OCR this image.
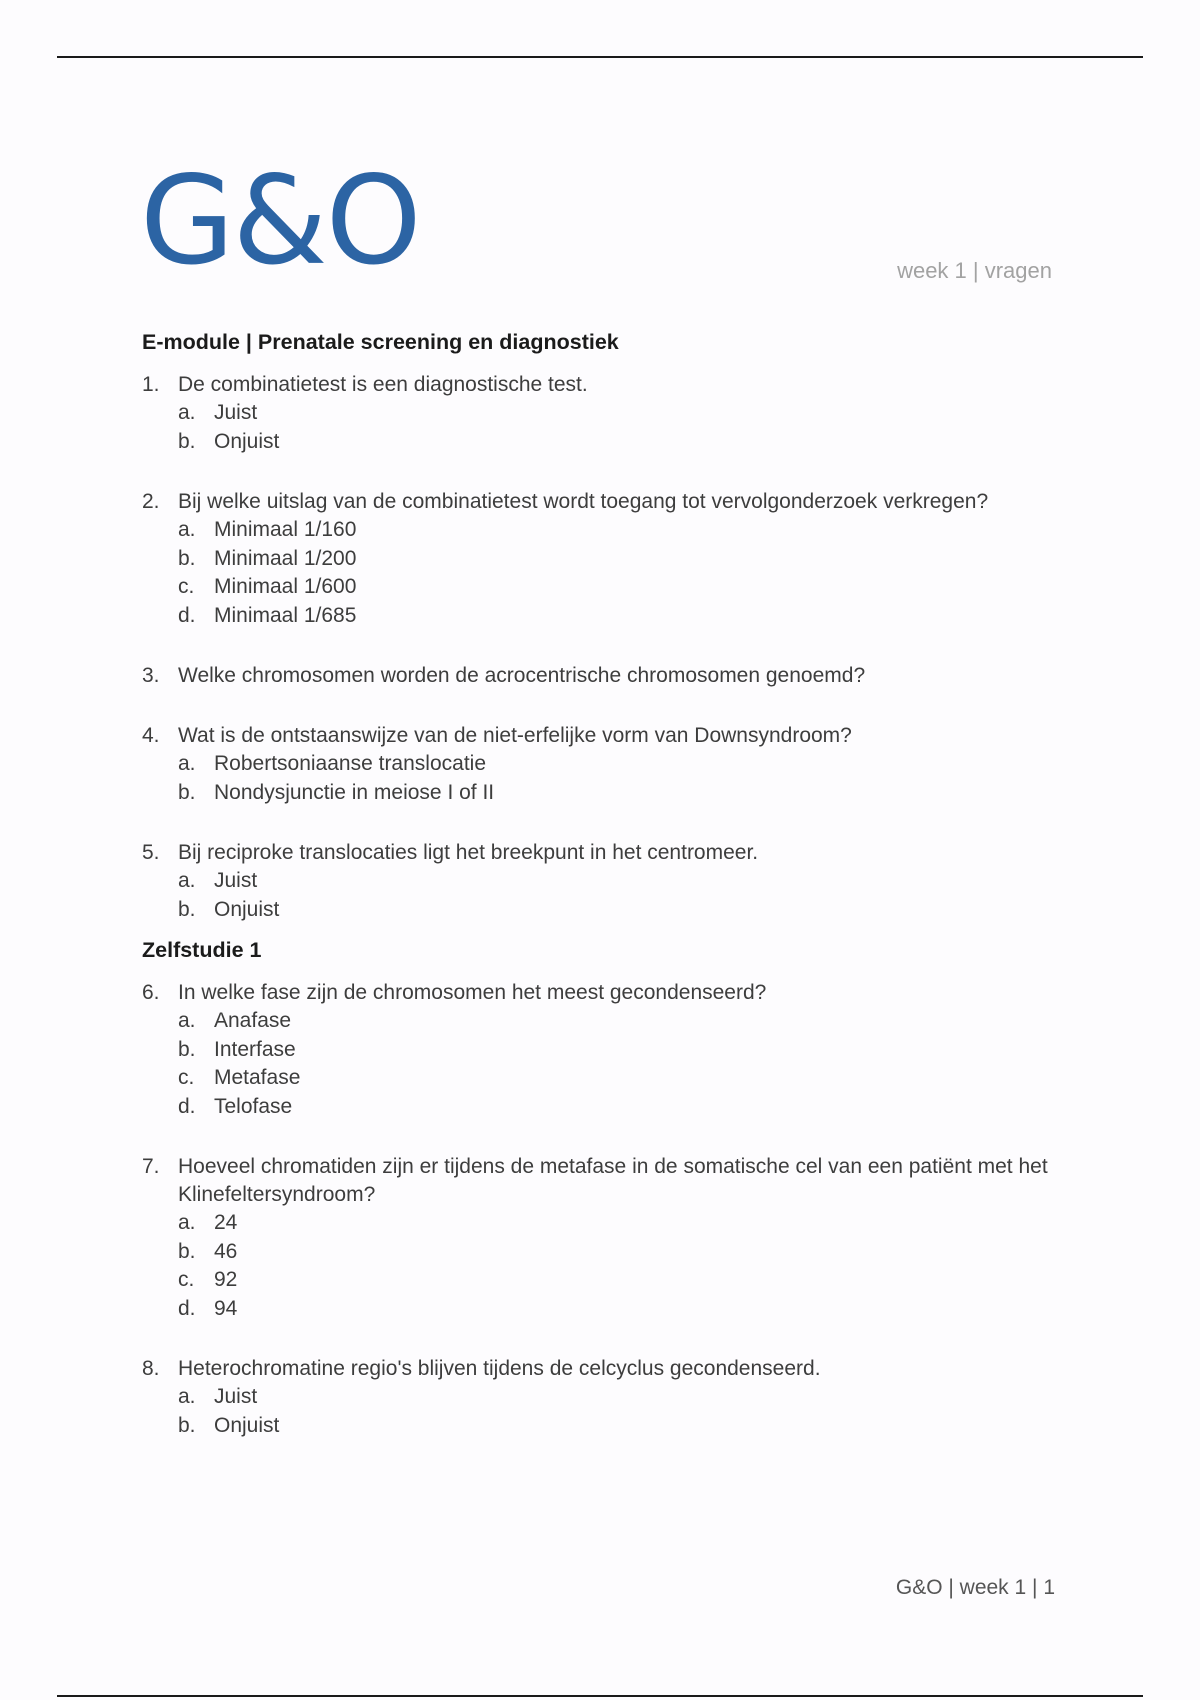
G&O	week 1 | vragen
E-module | Prenatale screening en diagnostiek
1. De combinatietest is een diagnostische test.
a. Juist
b. Onjuist
2. Bij welke uitslag van de combinatietest wordt toegang tot vervolgonderzoek verkregen?
a. Minimaal 1/160
b. Minimaal 1/200
c. Minimaal 1/600
d. Minimaal 1/685
3. Welke chromosomen worden de acrocentrische chromosomen genoemd?
4. Wat is de ontstaanswijze van de niet-erfelijke vorm van Downsyndroom?
a. Robertsoniaanse translocatie
b. Nondysjunctie in meiose I of II
5. Bij reciproke translocaties ligt het breekpunt in het centromeer.
a. Juist
b. Onjuist
Zelfstudie 1
6. In welke fase zijn de chromosomen het meest gecondenseerd?
a. Anafase
b. Interfase
c. Metafase
d. Telofase
7. Hoeveel chromatiden zijn er tijdens de metafase in de somatische cel van een patiënt met het Klinefeltersyndroom?
a. 24
b. 46
c. 92
d. 94
8. Heterochromatine regio's blijven tijdens de celcyclus gecondenseerd.
a. Juist
b. Onjuist
G&O | week 1 | 1
